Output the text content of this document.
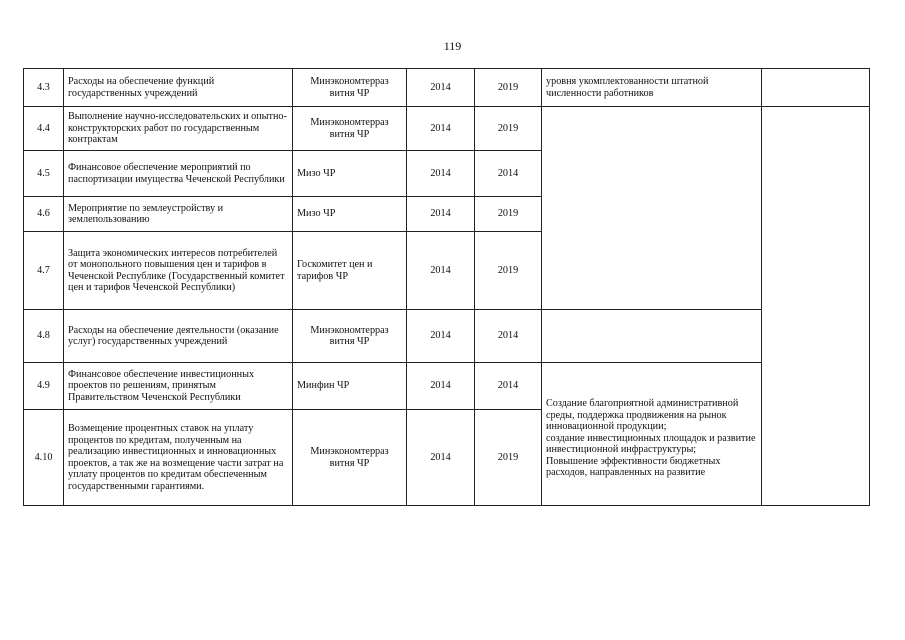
119
4.3	Расходы на обеспечение функций государственных учреждений	Минэкономтерраз витня ЧР	2014	2019	уровня укомплектованности штатной численности работников		
4.4	Выполнение научно-исследовательских и опытно-конструкторских работ по государственным контрактам	Минэкономтерраз витня ЧР	2014	2019			
4.5	Финансовое обеспечение мероприятий по паспортизации имущества Чеченской Республики	Мизо ЧР	2014	2014			
4.6	Мероприятие по землеустройству и землепользованию	Мизо ЧР	2014	2019			
4.7	Защита экономических интересов потребителей от монопольного повышения цен и тарифов в Чеченской Республике (Государственный комитет цен и тарифов Чеченской Республики)	Госкомитет цен и тарифов ЧР	2014	2019			
4.8	Расходы на обеспечение деятельности (оказание услуг) государственных учреждений	Минэкономтерраз витня ЧР	2014	2014			
4.9	Финансовое обеспечение инвестиционных проектов по решениям, принятым Правительством Чеченской Республики	Минфин ЧР	2014	2014	Создание благоприятной административной среды, поддержка продвижения на рынок инновационной продукции;
создание инвестиционных площадок и развитие инвестиционной инфраструктуры;
Повышение эффективности бюджетных расходов, направленных на развитие		

4.10	Возмещение процентных ставок на уплату процентов по кредитам, полученным на реализацию инвестиционных и инновационных проектов, а так же на возмещение части затрат на уплату процентов по кредитам обеспеченным государственными гарантиями.	Минэкономтерраз витня ЧР	2014	2019			
